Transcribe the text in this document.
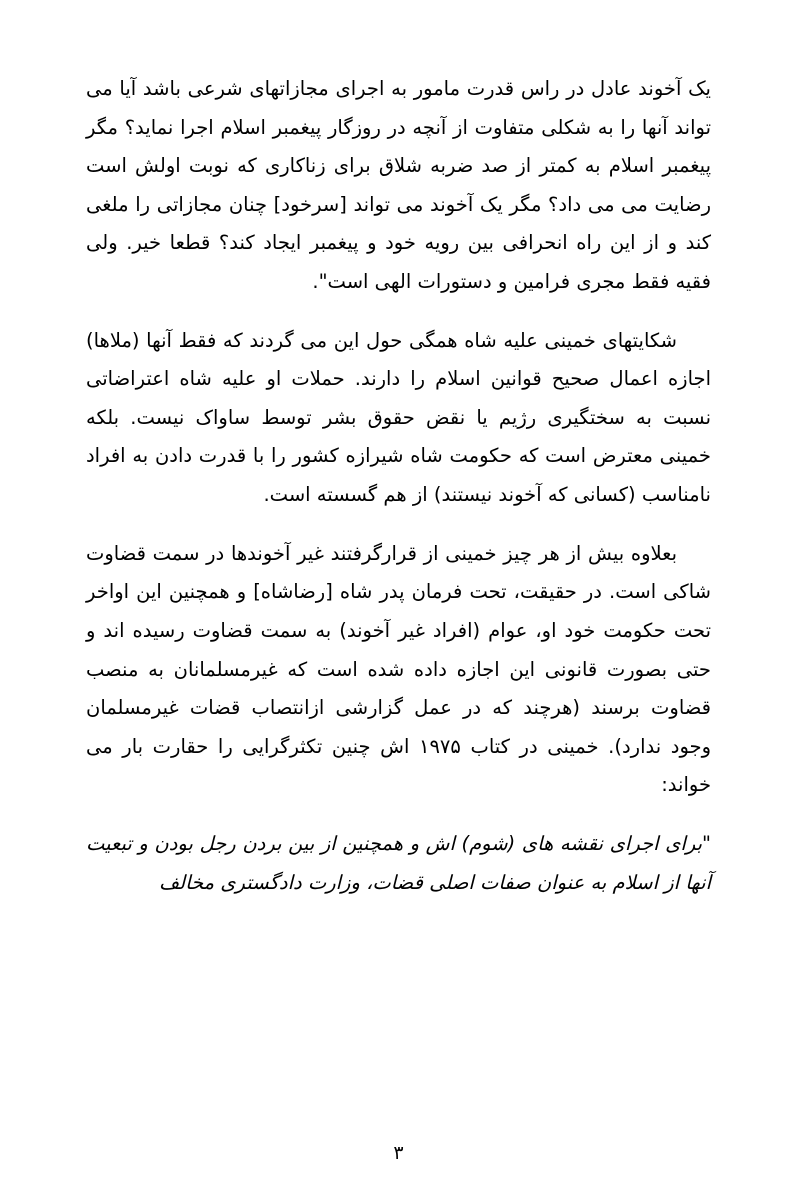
یک آخوند عادل در راس قدرت مامور به اجرای مجازاتهای شرعی باشد آیا می تواند آنها را به شکلی متفاوت از آنچه در روزگار پیغمبر اسلام اجرا نماید؟ مگر پیغمبر اسلام به کمتر از صد ضربه شلاق برای زناکاری که نوبت اولش است رضایت می می داد؟ مگر یک آخوند می تواند [سرخود] چنان مجازاتی را ملغی کند و از این راه انحرافی بین رویه خود و پیغمبر ایجاد کند؟ قطعا خیر. ولی فقیه فقط مجری فرامین و دستورات الهی است".

شکایتهای خمینی علیه شاه همگی حول این می گردند که فقط آنها (ملاها) اجازه اعمال صحیح قوانین اسلام را دارند. حملات او علیه شاه اعتراضاتی نسبت به سختگیری رژیم یا نقض حقوق بشر توسط ساواک نیست. بلکه خمینی معترض است که حکومت شاه شیرازه کشور را با قدرت دادن به افراد نامناسب (کسانی که آخوند نیستند) از هم گسسته است.

بعلاوه بیش از هر چیز خمینی از قرارگرفتند غیر آخوندها در سمت قضاوت شاکی است. در حقیقت، تحت فرمان پدر شاه [رضاشاه] و همچنین این اواخر تحت حکومت خود او، عوام (افراد غیر آخوند) به سمت قضاوت رسیده اند و حتی بصورت قانونی این اجازه داده شده است که غیرمسلمانان به منصب قضاوت برسند (هرچند که در عمل گزارشی ازانتصاب قضات غیرمسلمان وجود ندارد). خمینی در کتاب ۱۹۷۵ اش چنین تکثرگرایی را حقارت بار می خواند:

"برای اجرای نقشه های (شوم) اش و همچنین از بین بردن رجل بودن و تبعیت آنها از اسلام به عنوان صفات اصلی قضات، وزارت دادگستری مخالف

۳
